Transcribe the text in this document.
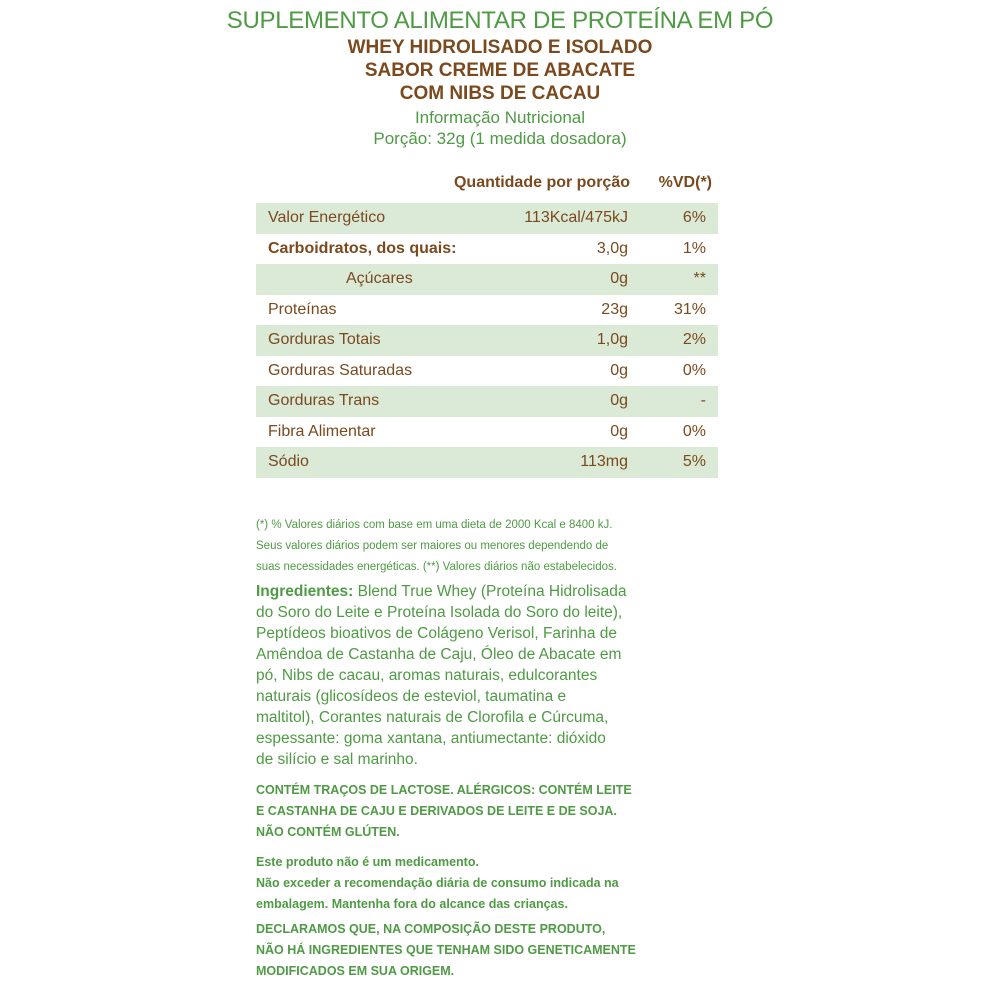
SUPLEMENTO ALIMENTAR DE PROTEÍNA EM PÓ
WHEY HIDROLISADO E ISOLADO
SABOR CREME DE ABACATE
COM NIBS DE CACAU
Informação Nutricional
Porção: 32g (1 medida dosadora)
Quantidade por porção %VD(*)
Valor Energético	113Kcal/475kJ	6%
Carboidratos, dos quais:	3,0g	1%
Açúcares	0g	**
Proteínas	23g	31%
Gorduras Totais	1,0g	2%
Gorduras Saturadas	0g	0%
Gorduras Trans	0g	-
Fibra Alimentar	0g	0%
Sódio	113mg	5%
(*) % Valores diários com base em uma dieta de 2000 Kcal e 8400 kJ.
Seus valores diários podem ser maiores ou menores dependendo de
suas necessidades energéticas. (**) Valores diários não estabelecidos.
Ingredientes: Blend True Whey (Proteína Hidrolisada
do Soro do Leite e Proteína Isolada do Soro do leite),
Peptídeos bioativos de Colágeno Verisol, Farinha de
Amêndoa de Castanha de Caju, Óleo de Abacate em
pó, Nibs de cacau, aromas naturais, edulcorantes
naturais (glicosídeos de esteviol, taumatina e
maltitol), Corantes naturais de Clorofila e Cúrcuma,
espessante: goma xantana, antiumectante: dióxido
de silício e sal marinho.
CONTÉM TRAÇOS DE LACTOSE. ALÉRGICOS: CONTÉM LEITE
E CASTANHA DE CAJU E DERIVADOS DE LEITE E DE SOJA.
NÃO CONTÉM GLÚTEN.
Este produto não é um medicamento.
Não exceder a recomendação diária de consumo indicada na
embalagem. Mantenha fora do alcance das crianças.
DECLARAMOS QUE, NA COMPOSIÇÃO DESTE PRODUTO,
NÃO HÁ INGREDIENTES QUE TENHAM SIDO GENETICAMENTE
MODIFICADOS EM SUA ORIGEM.
